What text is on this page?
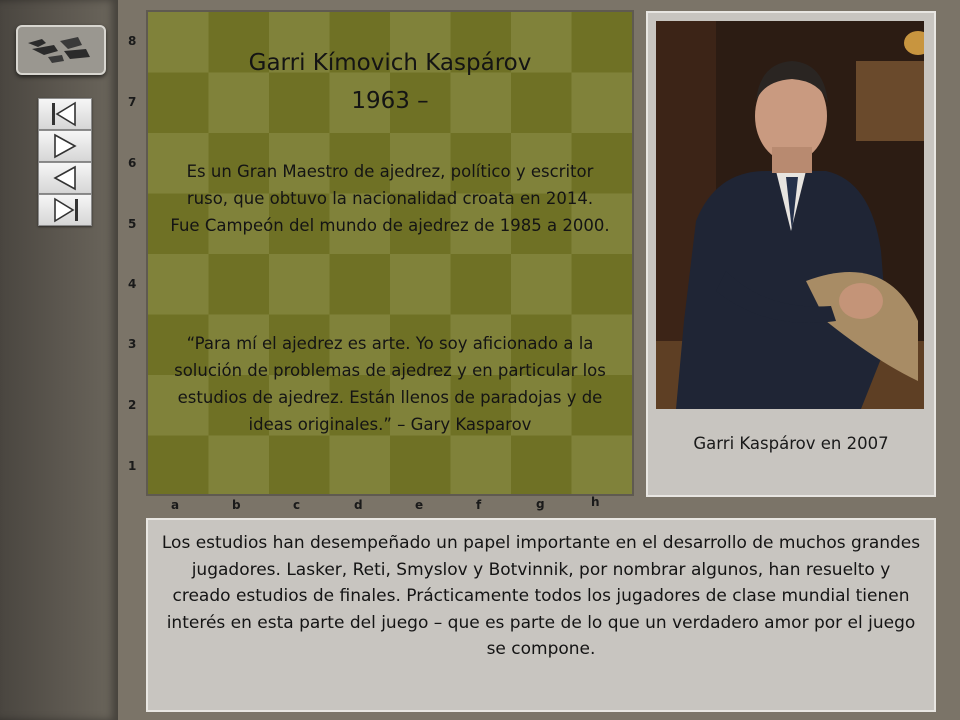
8
7
6
5
4
3
2
1
Garri Kímovich Kaspárov
1963 –
Es un Gran Maestro de ajedrez, político y escritor ruso, que obtuvo la nacionalidad croata en 2014. Fue Campeón del mundo de ajedrez de 1985 a 2000.
“Para mí el ajedrez es arte. Yo soy aficionado a la solución de problemas de ajedrez y en particular los estudios de ajedrez. Están llenos de paradojas y de ideas originales.” – Gary Kasparov
a	b	c	d	e	f	g	h
Garri Kaspárov en 2007
Los estudios han desempeñado un papel importante en el desarrollo de muchos grandes jugadores. Lasker, Reti, Smyslov y Botvinnik, por nombrar algunos, han resuelto y creado estudios de finales. Prácticamente todos los jugadores de clase mundial tienen interés en esta parte del juego – que es parte de lo que un verdadero amor por el juego se compone.
